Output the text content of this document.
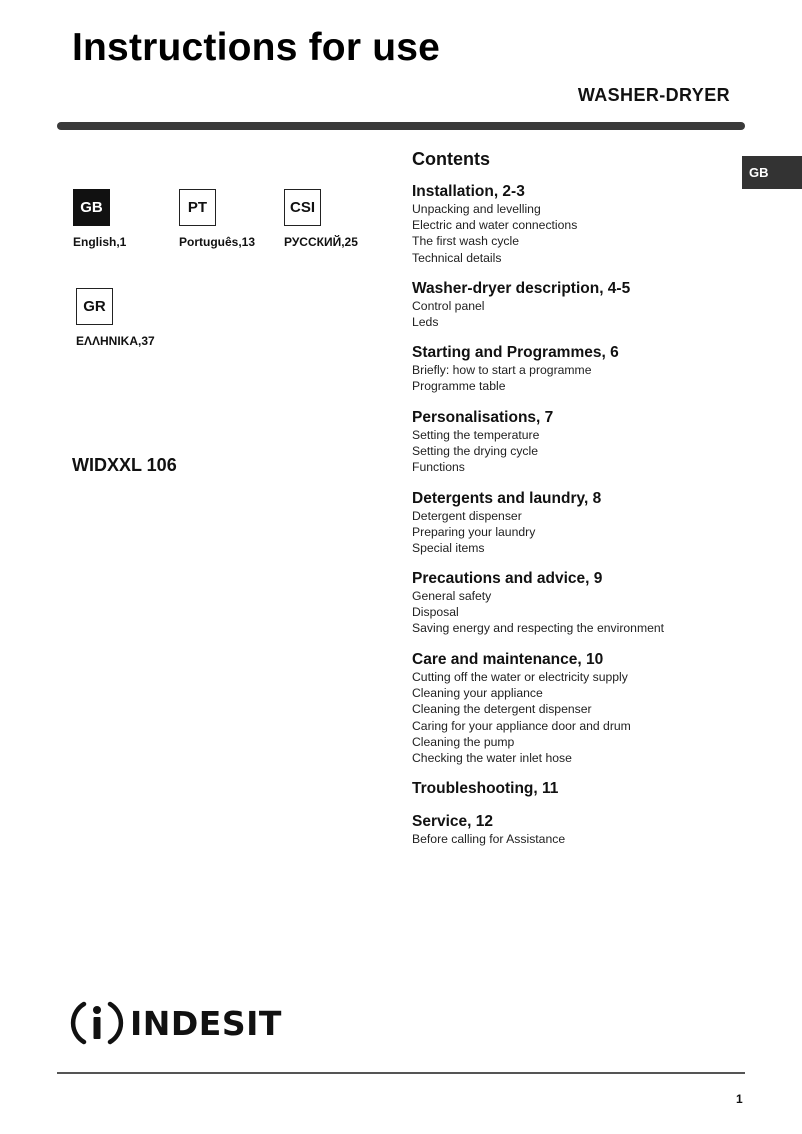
Instructions for use
WASHER-DRYER
GB
GB
English,1
PT
Português,13
CSI
РУССКИЙ,25
GR
ΕΛΛΗΝΙΚΑ,37
WIDXXL 106
Contents
Installation, 2-3
Unpacking and levelling
Electric and water connections
The first wash cycle
Technical details
Washer-dryer description, 4-5
Control panel
Leds
Starting and Programmes, 6
Briefly: how to start a programme
Programme table
Personalisations, 7
Setting the temperature
Setting the drying cycle
Functions
Detergents and laundry, 8
Detergent dispenser
Preparing your laundry
Special items
Precautions and advice, 9
General safety
Disposal
Saving energy and respecting the environment
Care and maintenance, 10
Cutting off the water or electricity supply
Cleaning your appliance
Cleaning the detergent dispenser
Caring for your appliance door and drum
Cleaning the pump
Checking the water inlet hose
Troubleshooting, 11
Service, 12
Before calling for Assistance
INDESIT
1
